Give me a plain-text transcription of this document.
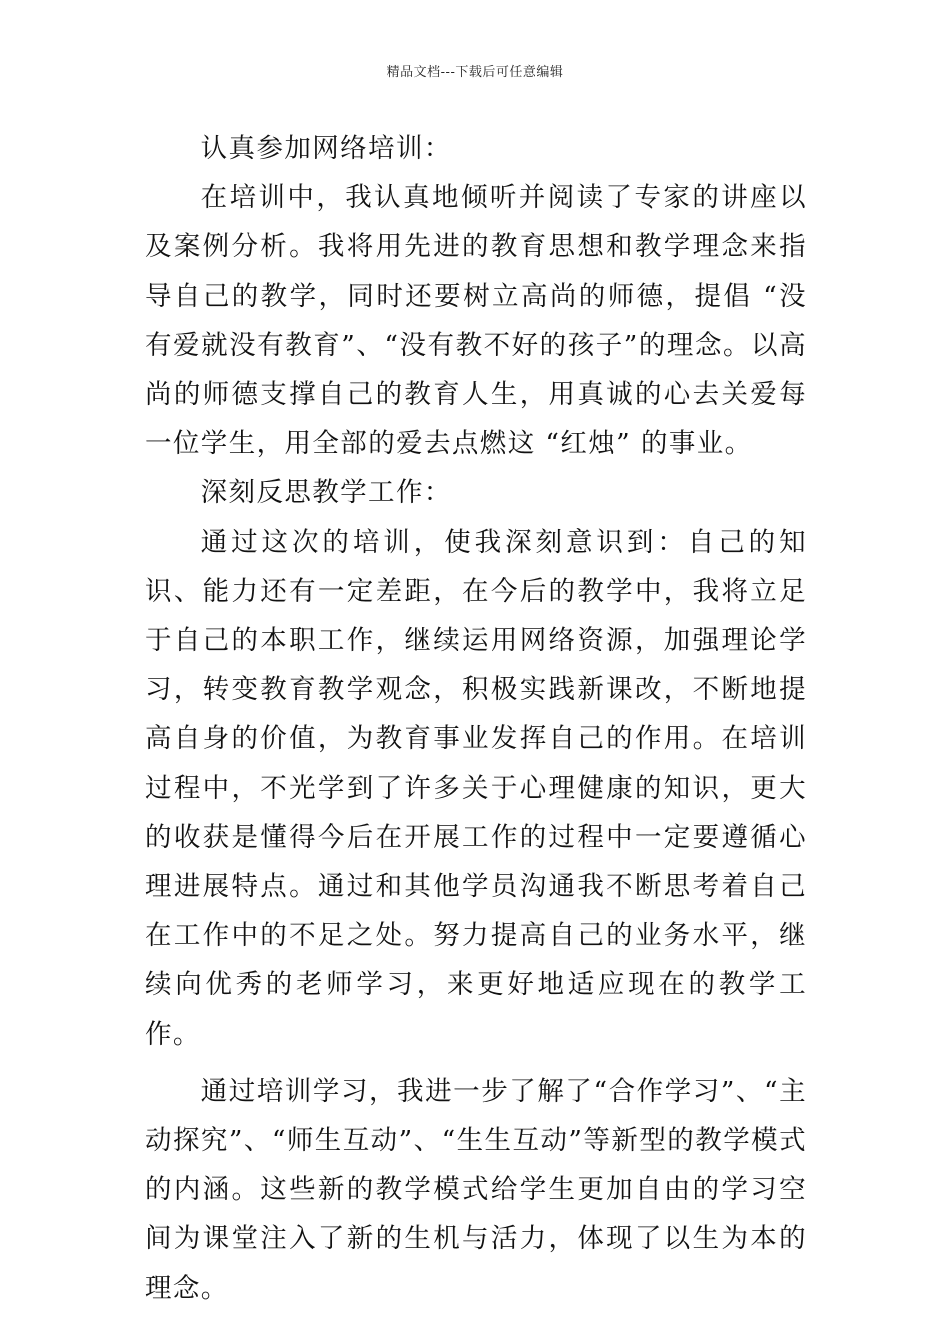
精品文档---下载后可任意编辑

认真参加网络培训：

在培训中，我认真地倾听并阅读了专家的讲座以及案例分析。我将用先进的教育思想和教学理念来指导自己的教学，同时还要树立高尚的师德，提倡 “没有爱就没有教育”、“没有教不好的孩子”的理念。以高尚的师德支撑自己的教育人生，用真诚的心去关爱每一位学生，用全部的爱去点燃这 “红烛” 的事业。

深刻反思教学工作：

通过这次的培训，使我深刻意识到：自己的知识、能力还有一定差距，在今后的教学中，我将立足于自己的本职工作，继续运用网络资源，加强理论学习，转变教育教学观念，积极实践新课改，不断地提高自身的价值，为教育事业发挥自己的作用。在培训过程中，不光学到了许多关于心理健康的知识，更大的收获是懂得今后在开展工作的过程中一定要遵循心理进展特点。通过和其他学员沟通我不断思考着自己在工作中的不足之处。努力提高自己的业务水平，继续向优秀的老师学习，来更好地适应现在的教学工作。

通过培训学习，我进一步了解了“合作学习”、“主动探究”、“师生互动”、“生生互动”等新型的教学模式的内涵。这些新的教学模式给学生更加自由的学习空间为课堂注入了新的生机与活力，体现了以生为本的理念。
